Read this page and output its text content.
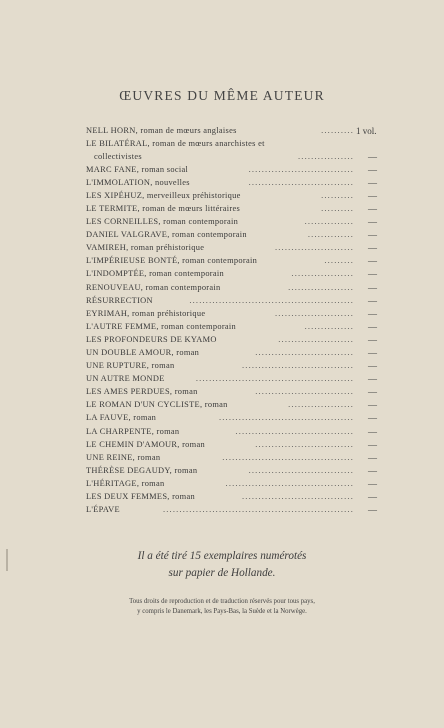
ŒUVRES DU MÊME AUTEUR
NELL HORN, roman de mœurs anglaises	.......... 1 vol.
LE BILATÉRAL, roman de mœurs anarchistes et
collectivistes	................. —
MARC FANE, roman social	................................ —
L'IMMOLATION, nouvelles	................................ —
LES XIPÉHUZ, merveilleux préhistorique	.......... —
LE TERMITE, roman de mœurs littéraires	.......... —
LES CORNEILLES, roman contemporain	............... —
DANIEL VALGRAVE, roman contemporain	.............. —
VAMIREH, roman préhistorique	........................ —
L'IMPÉRIEUSE BONTÉ, roman contemporain	......... —
L'INDOMPTÉE, roman contemporain	................... —
RENOUVEAU, roman contemporain	.................... —
RÉSURRECTION	.................................................. —
EYRIMAH, roman préhistorique	........................ —
L'AUTRE FEMME, roman contemporain	............... —
LES PROFONDEURS DE KYAMO	....................... —
UN DOUBLE AMOUR, roman	.............................. —
UNE RUPTURE, roman	.................................. —
UN AUTRE MONDE	................................................ —
LES AMES PERDUES, roman	.............................. —
LE ROMAN D'UN CYCLISTE, roman	.................... —
LA FAUVE, roman	......................................... —
LA CHARPENTE, roman	.................................... —
LE CHEMIN D'AMOUR, roman	.............................. —
UNE REINE, roman	........................................ —
THÉRÈSE DEGAUDY, roman	................................ —
L'HÉRITAGE, roman	....................................... —
LES DEUX FEMMES, roman	.................................. —
L'ÉPAVE	.......................................................... —
Il a été tiré 15 exemplaires numérotés
sur papier de Hollande.
Tous droits de reproduction et de traduction réservés pour tous pays,
y compris le Danemark, les Pays-Bas, la Suède et la Norwège.
